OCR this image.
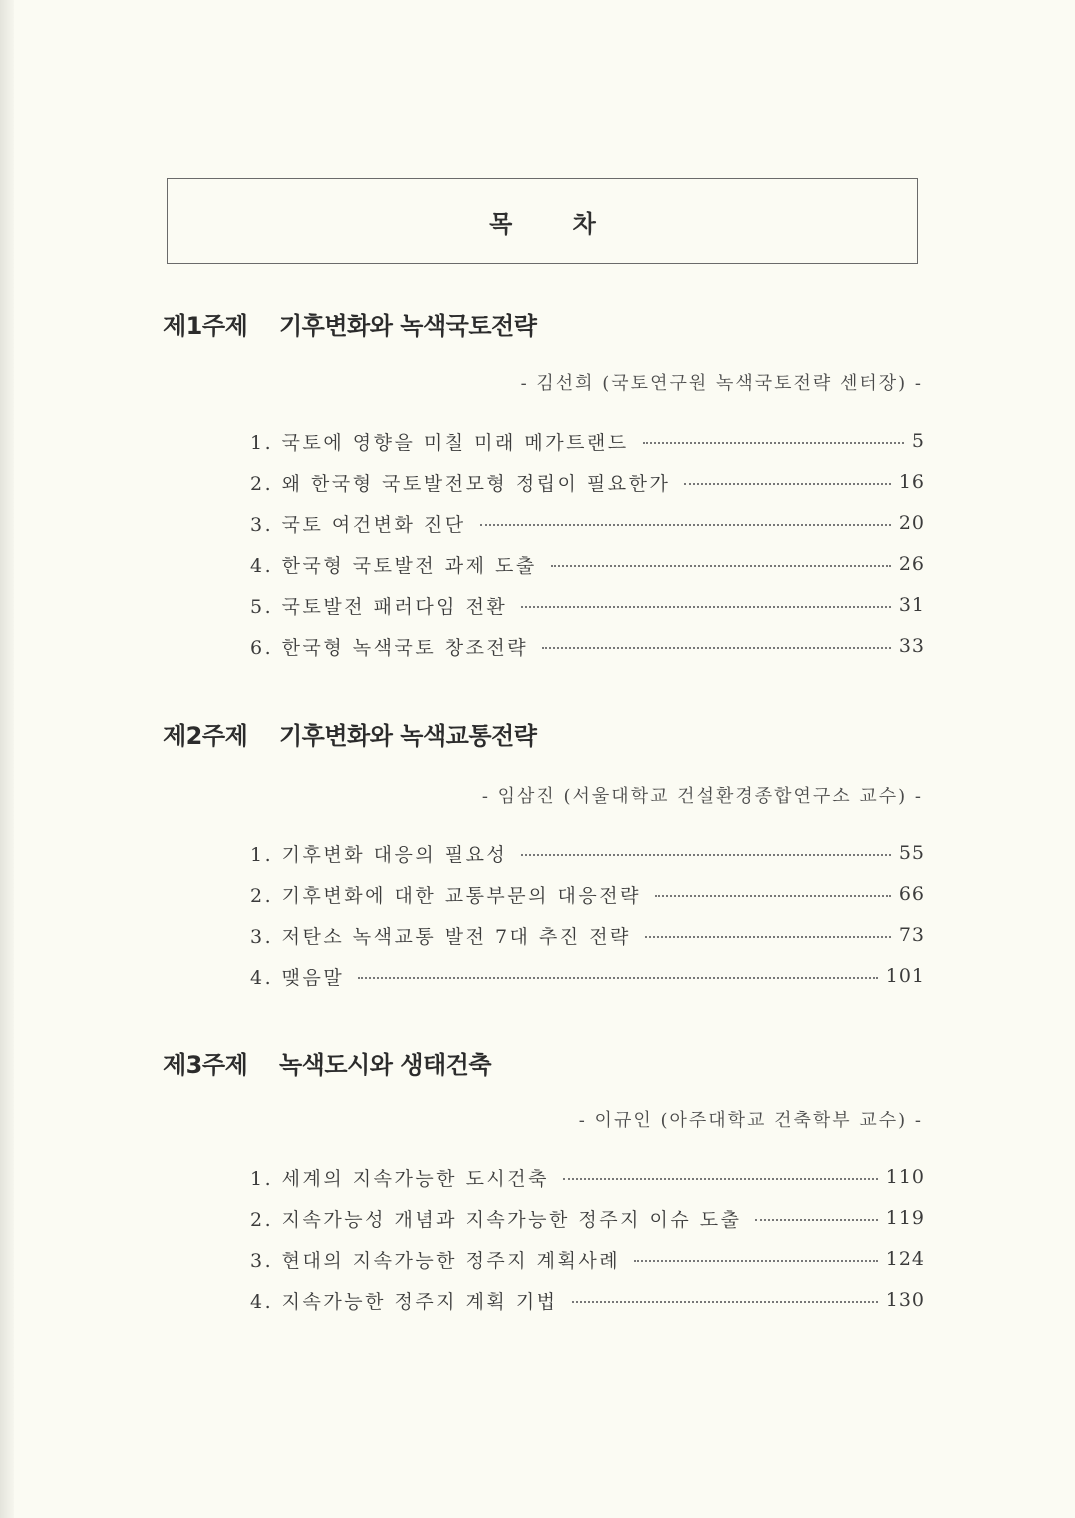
목 차
제1주제 기후변화와 녹색국토전략
- 김선희 (국토연구원 녹색국토전략 센터장) -
1. 국토에 영향을 미칠 미래 메가트랜드	5
2. 왜 한국형 국토발전모형 정립이 필요한가	16
3. 국토 여건변화 진단	20
4. 한국형 국토발전 과제 도출	26
5. 국토발전 패러다임 전환	31
6. 한국형 녹색국토 창조전략	33
제2주제 기후변화와 녹색교통전략
- 임삼진 (서울대학교 건설환경종합연구소 교수) -
1. 기후변화 대응의 필요성	55
2. 기후변화에 대한 교통부문의 대응전략	66
3. 저탄소 녹색교통 발전 7대 추진 전략	73
4. 맺음말	101
제3주제 녹색도시와 생태건축
- 이규인 (아주대학교 건축학부 교수) -
1. 세계의 지속가능한 도시건축	110
2. 지속가능성 개념과 지속가능한 정주지 이슈 도출	119
3. 현대의 지속가능한 정주지 계획사례	124
4. 지속가능한 정주지 계획 기법	130
